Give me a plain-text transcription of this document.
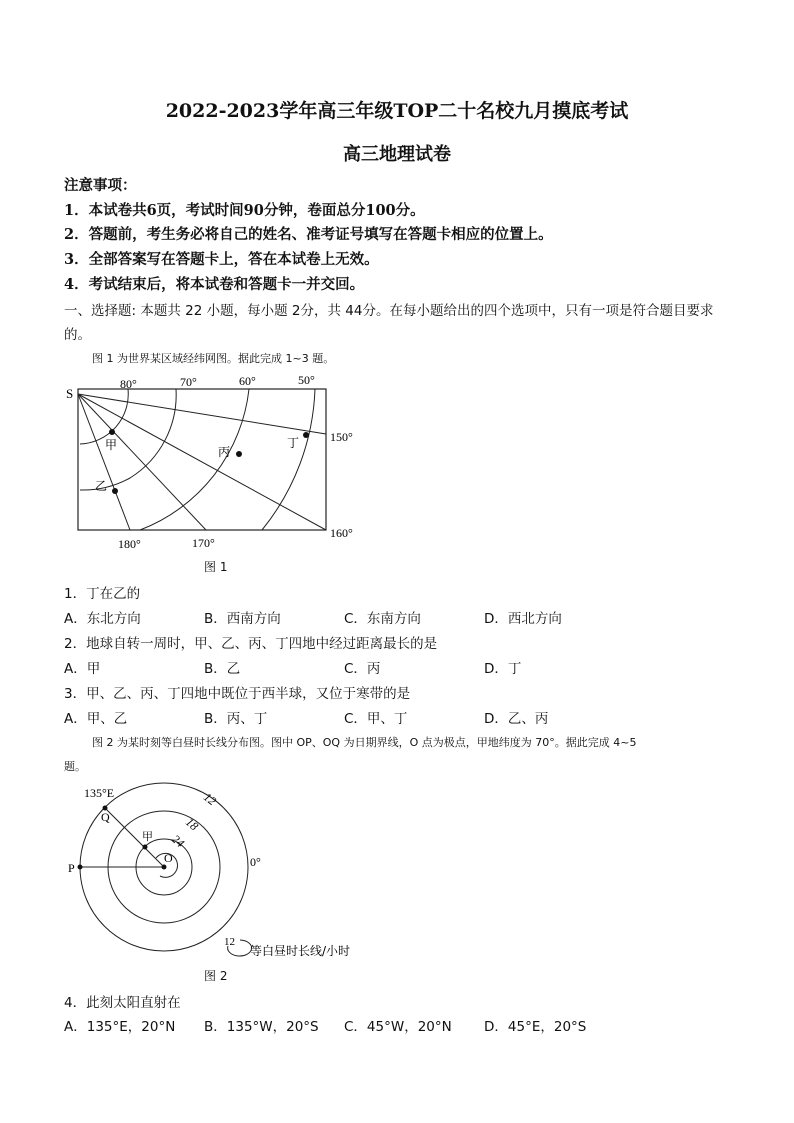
2022-2023学年高三年级TOP二十名校九月摸底考试
高三地理试卷
注意事项：
1．本试卷共6页，考试时间90分钟，卷面总分100分。
2．答题前，考生务必将自己的姓名、准考证号填写在答题卡相应的位置上。
3．全部答案写在答题卡上，答在本试卷上无效。
4．考试结束后，将本试卷和答题卡一并交回。
一、选择题: 本题共 22 小题，每小题 2分，共 44分。在每小题给出的四个选项中，只有一项是符合题目要求
的。
图 1 为世界某区域经纬网图。据此完成 1~3 题。
S
80°	70°	60°	50°
150°
160°
170°
180°
甲
乙
丙
丁
图 1
1．丁在乙的
A．东北方向	B．西南方向	C．东南方向	D．西北方向
2．地球自转一周时，甲、乙、丙、丁四地中经过距离最长的是
A．甲	B．乙	C．丙	D．丁
3．甲、乙、丙、丁四地中既位于西半球，又位于寒带的是
A．甲、乙	B．丙、丁	C．甲、丁	D．乙、丙
图 2 为某时刻等白昼时长线分布图。图中 OP、OQ 为日期界线，O 点为极点，甲地纬度为 70°。据此完成 4~5
题。
135°E
Q
P
O	0°
甲
12
18
24
12
等白昼时长线/小时
图 2
4．此刻太阳直射在
A．135°E，20°N B．135°W，20°S C．45°W，20°N D．45°E，20°S
